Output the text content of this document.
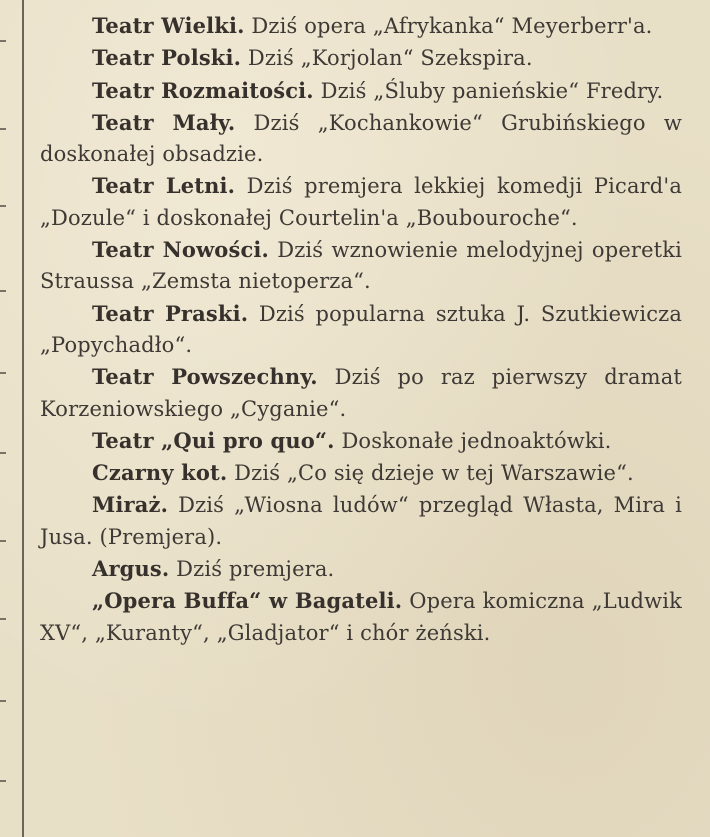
Teatr Wielki. Dziś opera „Afrykanka“ Meyerberr'a.

Teatr Polski. Dziś „Korjolan“ Szekspira.

Teatr Rozmaitości. Dziś „Śluby panieńskie“ Fredry.

Teatr Mały. Dziś „Kochankowie“ Grubińskiego w doskonałej obsadzie.

Teatr Letni. Dziś premjera lekkiej komedji Picard'a „Dozule“ i doskonałej Courtelin'a „Boubouroche“.

Teatr Nowości. Dziś wznowienie melodyjnej operetki Straussa „Zemsta nietoperza“.

Teatr Praski. Dziś popularna sztuka J. Szutkiewicza „Popychadło“.

Teatr Powszechny. Dziś po raz pierwszy dramat Korzeniowskiego „Cyganie“.

Teatr „Qui pro quo“. Doskonałe jednoaktówki.

Czarny kot. Dziś „Co się dzieje w tej Warszawie“.

Miraż. Dziś „Wiosna ludów“ przegląd Własta, Mira i Jusa. (Premjera).

Argus. Dziś premjera.

„Opera Buffa“ w Bagateli. Opera komiczna „Ludwik XV“, „Kuranty“, „Gladjator“ i chór żeński.
